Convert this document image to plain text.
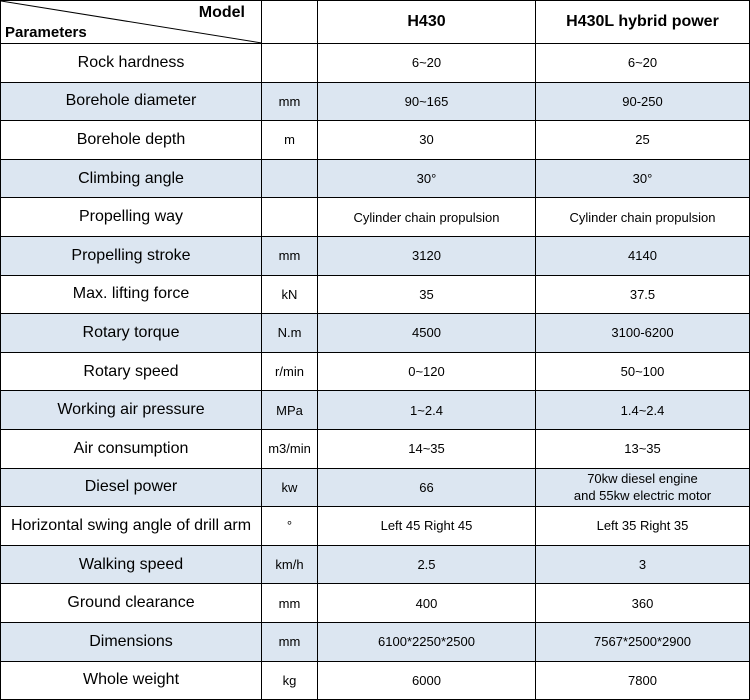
Model
Parameters		H430	H430L hybrid power
Rock hardness		6~20	6~20
Borehole diameter	mm	90~165	90-250
Borehole depth	m	30	25
Climbing angle		30°	30°
Propelling way		Cylinder chain propulsion	Cylinder chain propulsion
Propelling stroke	mm	3120	4140
Max. lifting force	kN	35	37.5
Rotary torque	N.m	4500	3100-6200
Rotary speed	r/min	0~120	50~100
Working air pressure	MPa	1~2.4	1.4~2.4
Air consumption	m3/min	14~35	13~35
Diesel power	kw	66	70kw diesel engine
and 55kw electric motor

Horizontal swing angle of drill arm	°	Left 45 Right 45	Left 35 Right 35
Walking speed	km/h	2.5	3
Ground clearance	mm	400	360
Dimensions	mm	6100*2250*2500	7567*2500*2900
Whole weight	kg	6000	7800
